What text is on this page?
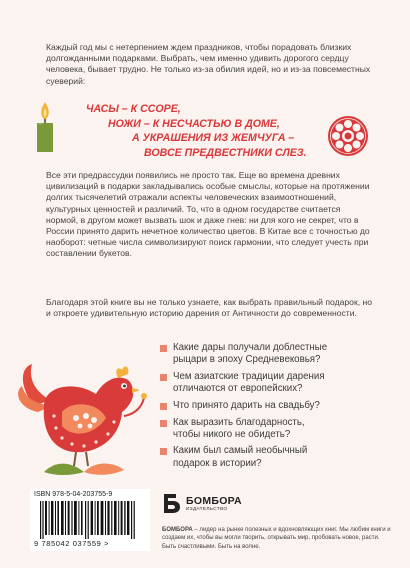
Каждый год мы с нетерпением ждем праздников, чтобы порадовать близких долгожданными подарками. Выбрать, чем именно удивить дорогого сердцу человека, бывает трудно. Не только из-за обилия идей, но и из-за повсеместных суеверий:

ЧАСЫ – К ССОРЕ,
НОЖИ – К НЕСЧАСТЬЮ В ДОМЕ,
А УКРАШЕНИЯ ИЗ ЖЕМЧУГА –
ВОВСЕ ПРЕДВЕСТНИКИ СЛЕЗ.

Все эти предрассудки появились не просто так. Еще во времена древних цивилизаций в подарки закладывались особые смыслы, которые на протяжении долгих тысячелетий отражали аспекты человеческих взаимоотношений, культурных ценностей и различий. То, что в одном государстве считается нормой, в другом может вызвать шок и даже гнев: ни для кого не секрет, что в России принято дарить нечетное количество цветов. В Китае все с точностью до наоборот: четные числа символизируют поиск гармонии, что следует учесть при составлении букетов.

Благодаря этой книге вы не только узнаете, как выбрать правильный подарок, но и откроете удивительную историю дарения от Античности до современности.

Какие дары получали доблестные
рыцари в эпоху Средневековья?
Чем азиатские традиции дарения
отличаются от европейских?
Что принято дарить на свадьбу?
Как выразить благодарность,
чтобы никого не обидеть?
Каким был самый необычный
подарок в истории?
ISBN 978-5-04-203755-9
9 785042 037559 >
БОМБОРА
ИЗДАТЕЛЬСТВО
БОМБОРА – лидер на рынке полезных и вдохновляющих книг. Мы любим книги и создаем их, чтобы вы могли творить, открывать мир, пробовать новое, расти. Быть счастливыми. Быть на волне.
